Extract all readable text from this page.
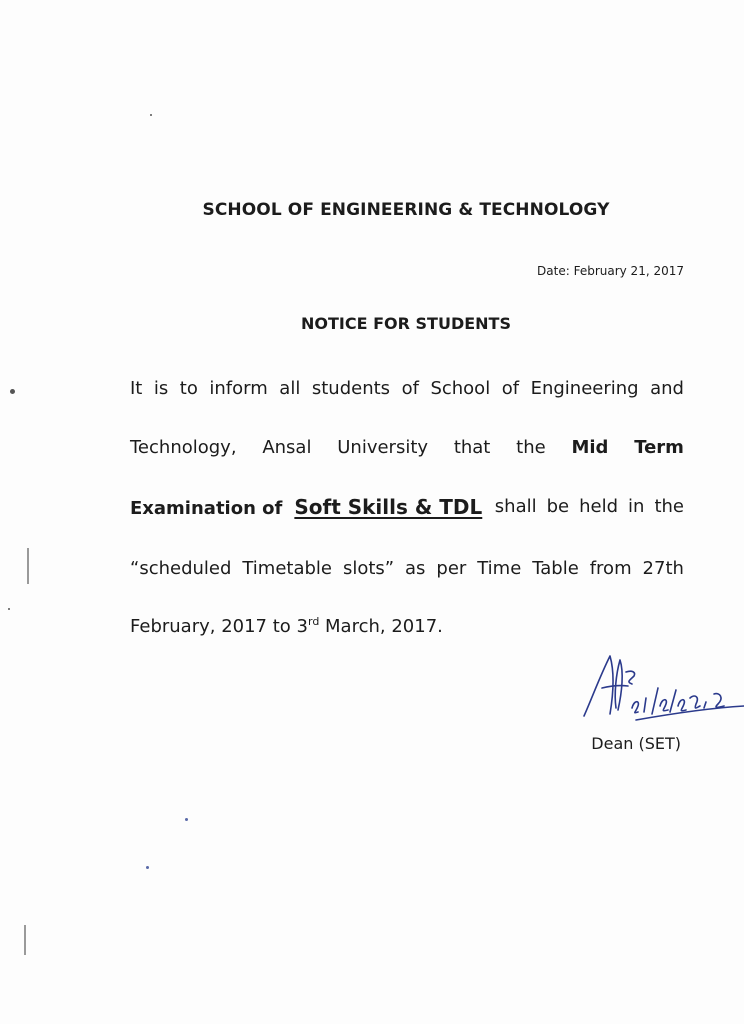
SCHOOL OF ENGINEERING & TECHNOLOGY
Date: February 21, 2017
NOTICE FOR STUDENTS
It is to inform all students of School of Engineering and
Technology, Ansal University that the Mid Term
Examination of Soft Skills & TDL shall be held in the
“scheduled Timetable slots” as per Time Table from 27th
February, 2017 to 3rd March, 2017.
Dean (SET)
